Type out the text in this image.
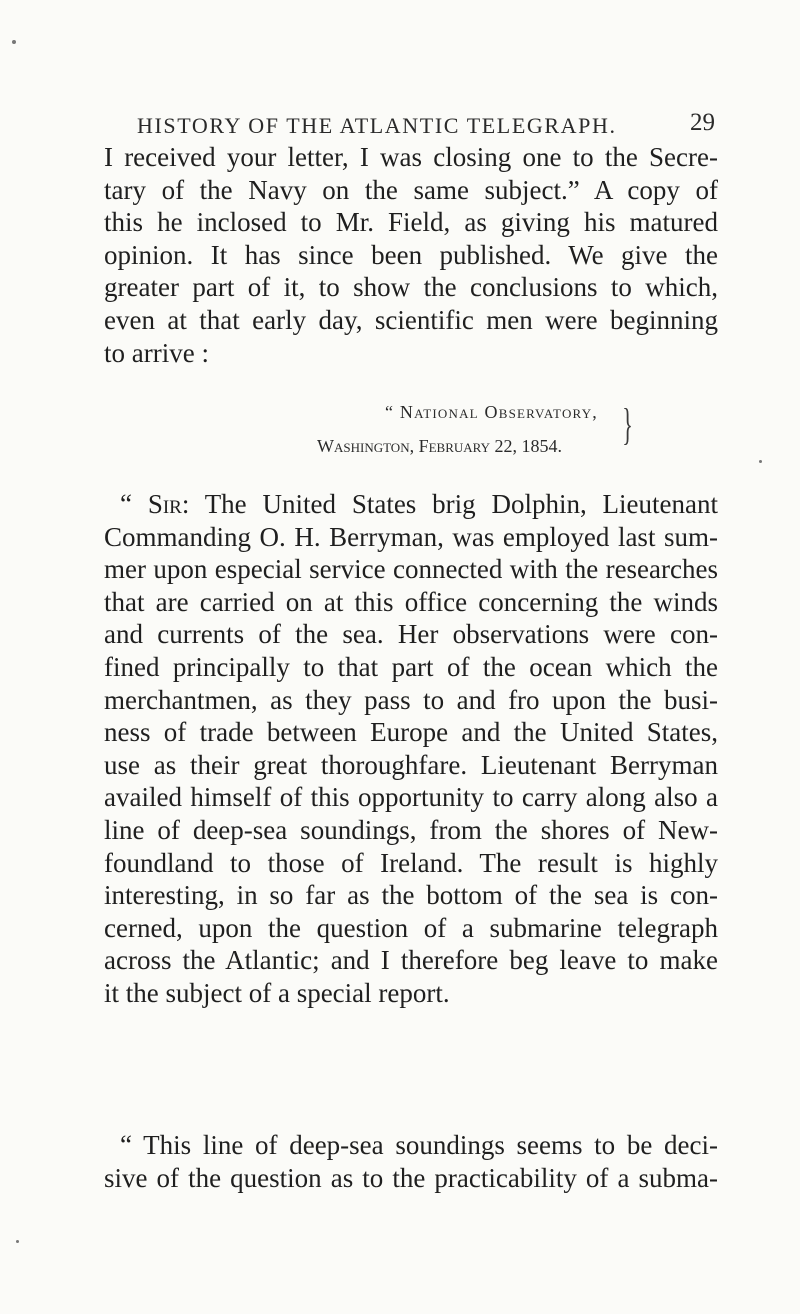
HISTORY OF THE ATLANTIC TELEGRAPH.	29
I received your letter, I was closing one to the Secre-
tary of the Navy on the same subject.” A copy of
this he inclosed to Mr. Field, as giving his matured
opinion. It has since been published. We give the
greater part of it, to show the conclusions to which,
even at that early day, scientific men were beginning
to arrive :
“ National Observatory,
Washington, February 22, 1854. }
“ Sir: The United States brig Dolphin, Lieutenant
Commanding O. H. Berryman, was employed last sum-
mer upon especial service connected with the researches
that are carried on at this office concerning the winds
and currents of the sea. Her observations were con-
fined principally to that part of the ocean which the
merchantmen, as they pass to and fro upon the busi-
ness of trade between Europe and the United States,
use as their great thoroughfare. Lieutenant Berryman
availed himself of this opportunity to carry along also a
line of deep-sea soundings, from the shores of New-
foundland to those of Ireland. The result is highly
interesting, in so far as the bottom of the sea is con-
cerned, upon the question of a submarine telegraph
across the Atlantic; and I therefore beg leave to make
it the subject of a special report.
“ This line of deep-sea soundings seems to be deci-
sive of the question as to the practicability of a subma-
